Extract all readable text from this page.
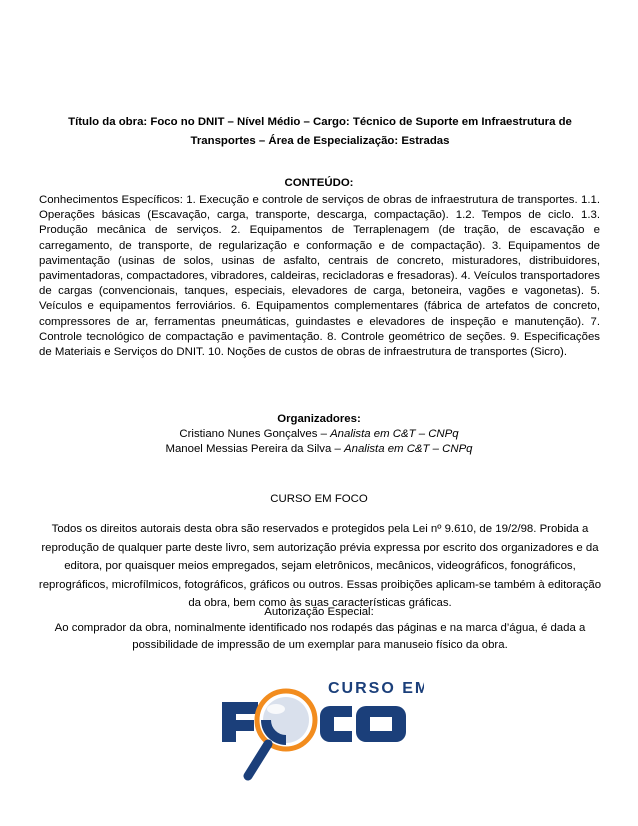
Título da obra: Foco no DNIT – Nível Médio – Cargo: Técnico de Suporte em Infraestrutura de
Transportes – Área de Especialização: Estradas
CONTEÚDO:
Conhecimentos Específicos: 1. Execução e controle de serviços de obras de infraestrutura de transportes. 1.1. Operações básicas (Escavação, carga, transporte, descarga, compactação). 1.2. Tempos de ciclo. 1.3. Produção mecânica de serviços. 2. Equipamentos de Terraplenagem (de tração, de escavação e carregamento, de transporte, de regularização e conformação e de compactação). 3. Equipamentos de pavimentação (usinas de solos, usinas de asfalto, centrais de concreto, misturadores, distribuidores, pavimentadoras, compactadores, vibradores, caldeiras, recicladoras e fresadoras). 4. Veículos transportadores de cargas (convencionais, tanques, especiais, elevadores de carga, betoneira, vagões e vagonetas). 5. Veículos e equipamentos ferroviários. 6. Equipamentos complementares (fábrica de artefatos de concreto, compressores de ar, ferramentas pneumáticas, guindastes e elevadores de inspeção e manutenção). 7. Controle tecnológico de compactação e pavimentação. 8. Controle geométrico de seções. 9. Especificações de Materiais e Serviços do DNIT. 10. Noções de custos de obras de infraestrutura de transportes (Sicro).
Organizadores:
Cristiano Nunes Gonçalves – Analista em C&T – CNPq
Manoel Messias Pereira da Silva – Analista em C&T – CNPq
CURSO EM FOCO
Todos os direitos autorais desta obra são reservados e protegidos pela Lei nº 9.610, de 19/2/98. Probida a reprodução de qualquer parte deste livro, sem autorização prévia expressa por escrito dos organizadores e da editora, por quaisquer meios empregados, sejam eletrônicos, mecânicos, videográficos, fonográficos, reprográficos, microfílmicos, fotográficos, gráficos ou outros. Essas proibições aplicam-se também à editoração da obra, bem como às suas características gráficas.
Autorização Especial:
Ao comprador da obra, nominalmente identificado nos rodapés das páginas e na marca d’água, é dada a possibilidade de impressão de um exemplar para manuseio físico da obra.
CURSO EM
